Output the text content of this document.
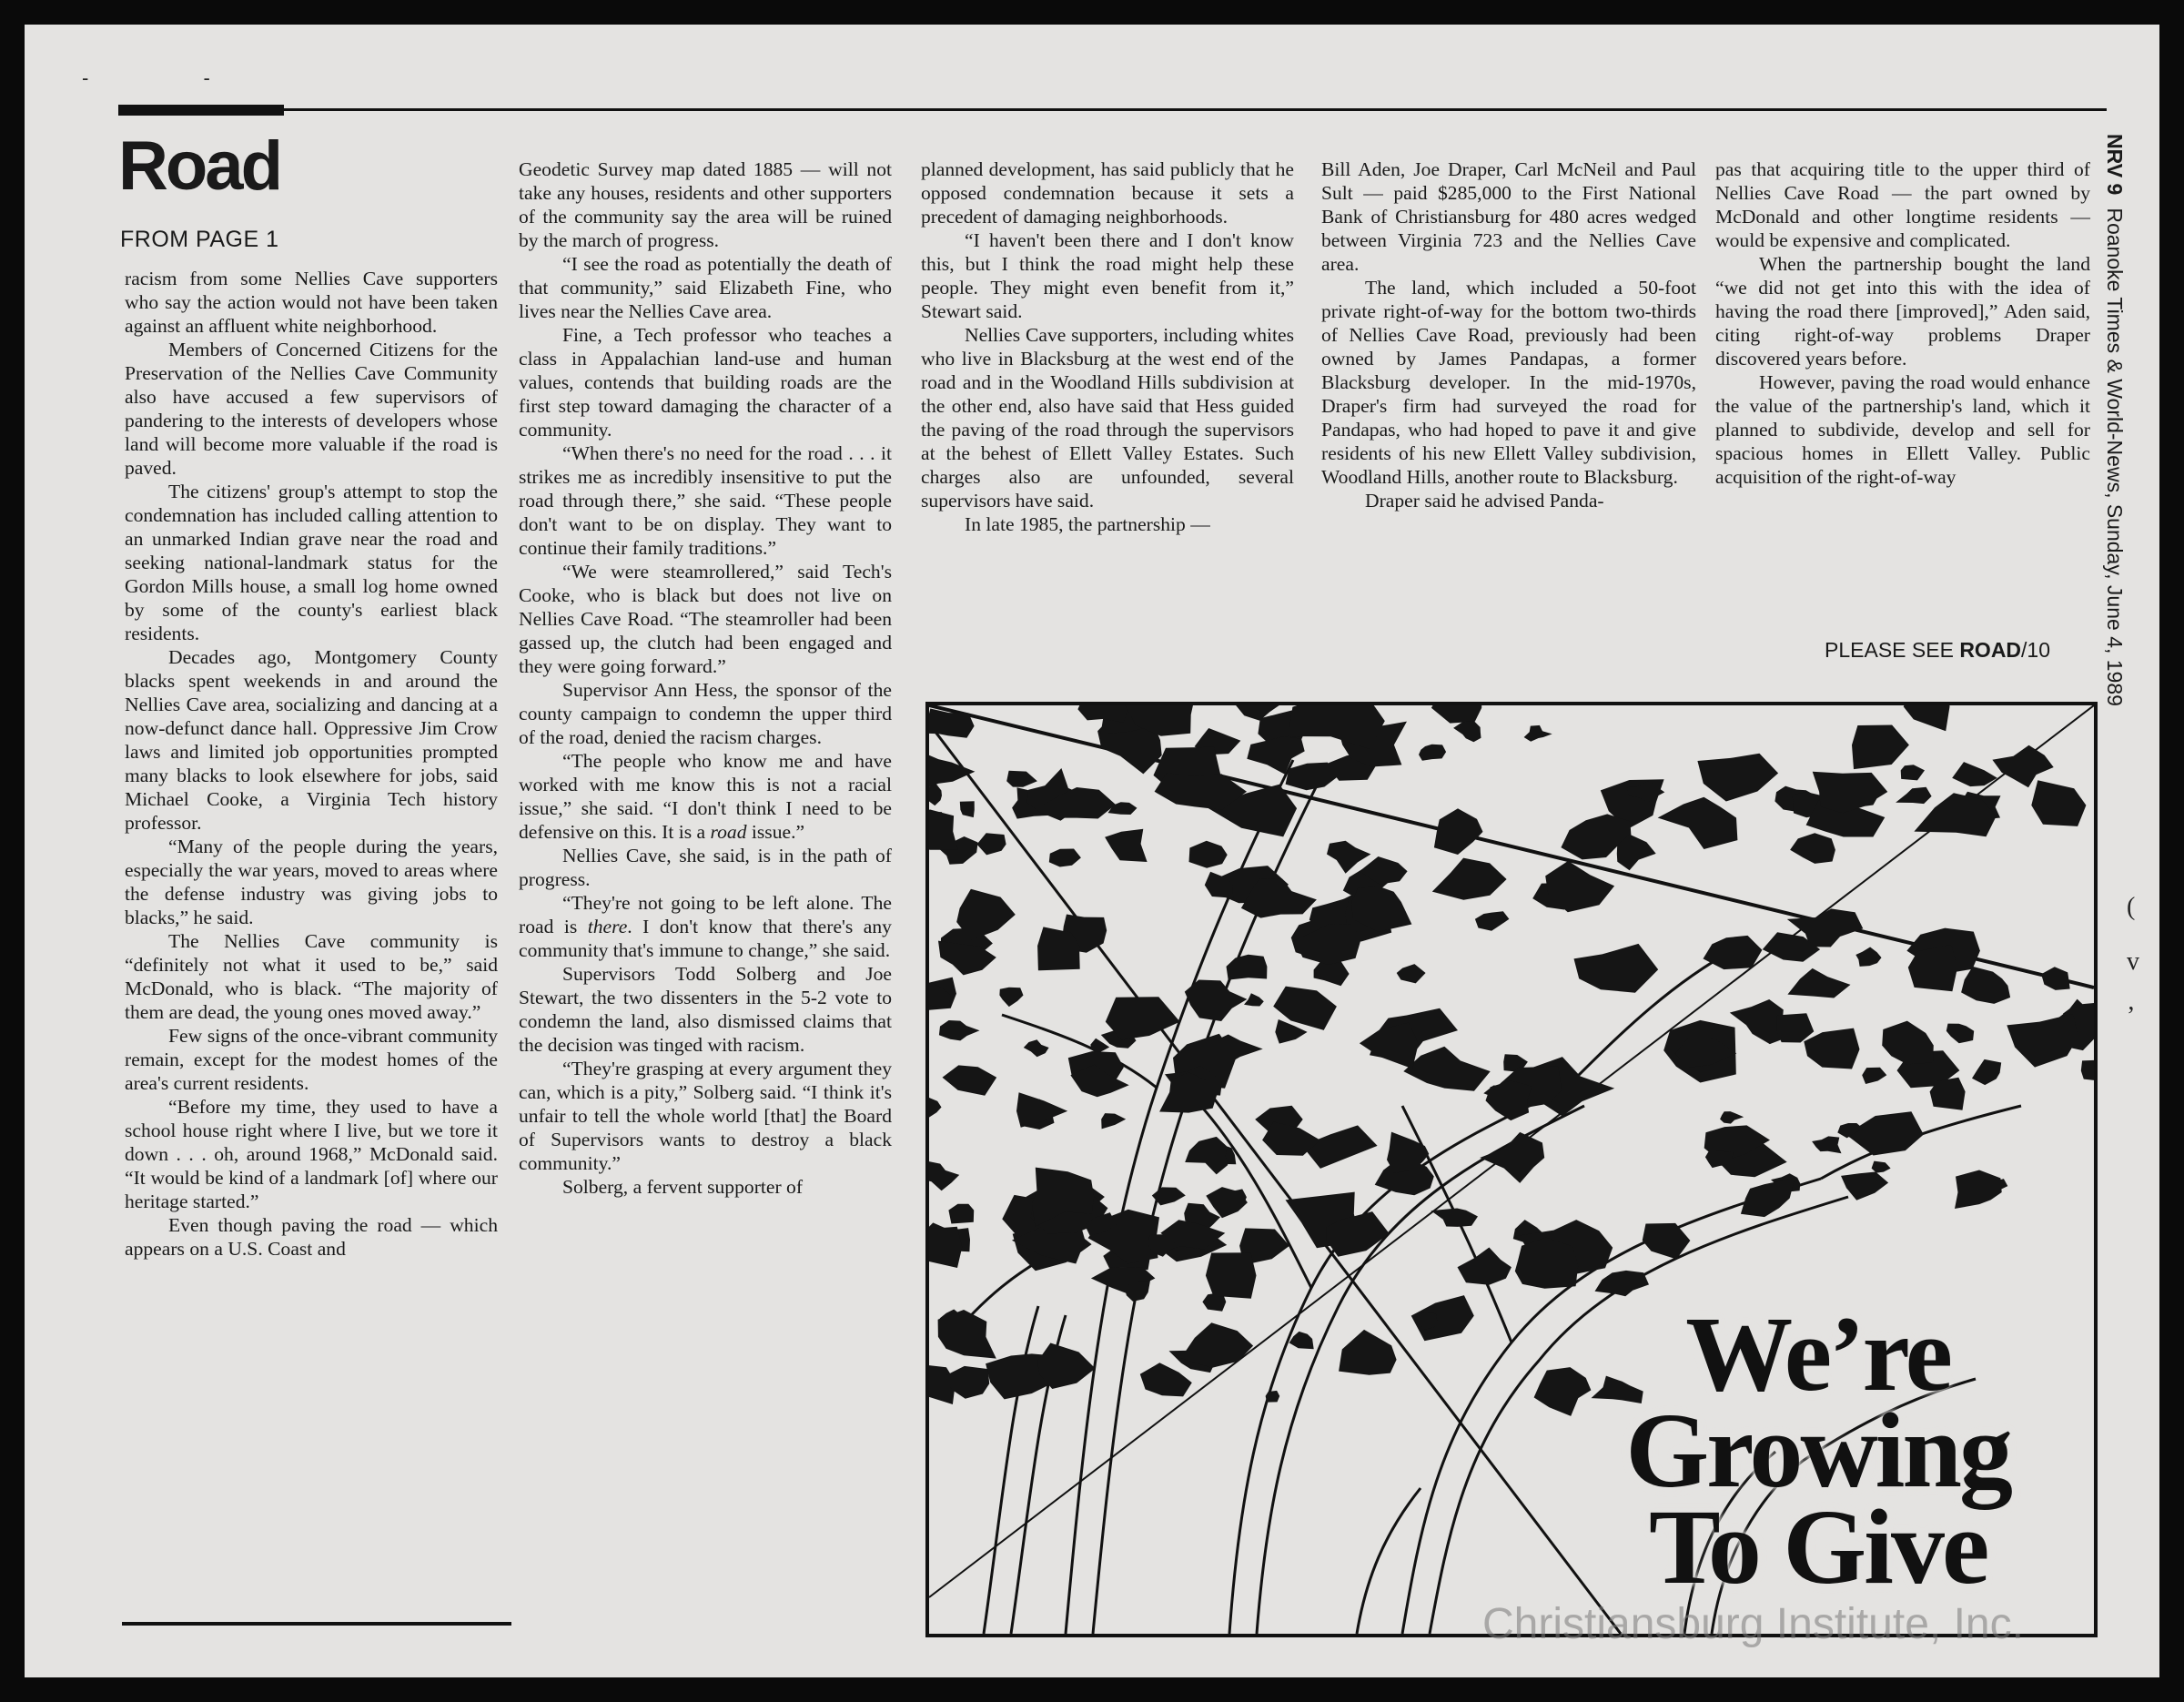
- -
Road
FROM PAGE 1

racism from some Nellies Cave supporters who say the action would not have been taken against an affluent white neighborhood.

Members of Concerned Citizens for the Preservation of the Nellies Cave Community also have accused a few supervisors of pandering to the interests of developers whose land will become more valuable if the road is paved.

The citizens' group's attempt to stop the condemnation has included calling attention to an unmarked Indian grave near the road and seeking national-landmark status for the Gordon Mills house, a small log home owned by some of the county's earliest black residents.

Decades ago, Montgomery County blacks spent weekends in and around the Nellies Cave area, socializing and dancing at a now-defunct dance hall. Oppressive Jim Crow laws and limited job opportunities prompted many blacks to look elsewhere for jobs, said Michael Cooke, a Virginia Tech history professor.

“Many of the people during the years, especially the war years, moved to areas where the defense industry was giving jobs to blacks,” he said.

The Nellies Cave community is “definitely not what it used to be,” said McDonald, who is black. “The majority of them are dead, the young ones moved away.”

Few signs of the once-vibrant community remain, except for the modest homes of the area's current residents.

“Before my time, they used to have a school house right where I live, but we tore it down . . . oh, around 1968,” McDonald said. “It would be kind of a landmark [of] where our heritage started.”

Even though paving the road — which appears on a U.S. Coast and

Geodetic Survey map dated 1885 — will not take any houses, residents and other supporters of the community say the area will be ruined by the march of progress.

“I see the road as potentially the death of that community,” said Elizabeth Fine, who lives near the Nellies Cave area.

Fine, a Tech professor who teaches a class in Appalachian land-use and human values, contends that building roads are the first step toward damaging the character of a community.

“When there's no need for the road . . . it strikes me as incredibly insensitive to put the road through there,” she said. “These people don't want to be on display. They want to continue their family traditions.”

“We were steamrollered,” said Tech's Cooke, who is black but does not live on Nellies Cave Road. “The steamroller had been gassed up, the clutch had been engaged and they were going forward.”

Supervisor Ann Hess, the sponsor of the county campaign to condemn the upper third of the road, denied the racism charges.

“The people who know me and have worked with me know this is not a racial issue,” she said. “I don't think I need to be defensive on this. It is a road issue.”

Nellies Cave, she said, is in the path of progress.

“They're not going to be left alone. The road is there. I don't know that there's any community that's immune to change,” she said.

Supervisors Todd Solberg and Joe Stewart, the two dissenters in the 5-2 vote to condemn the land, also dismissed claims that the decision was tinged with racism.

“They're grasping at every argument they can, which is a pity,” Solberg said. “I think it's unfair to tell the whole world [that] the Board of Supervisors wants to destroy a black community.”

Solberg, a fervent supporter of

planned development, has said publicly that he opposed condemnation because it sets a precedent of damaging neighborhoods.

“I haven't been there and I don't know this, but I think the road might help these people. They might even benefit from it,” Stewart said.

Nellies Cave supporters, including whites who live in Blacksburg at the west end of the road and in the Woodland Hills subdivision at the other end, also have said that Hess guided the paving of the road through the supervisors at the behest of Ellett Valley Estates. Such charges also are unfounded, several supervisors have said.

In late 1985, the partnership —

Bill Aden, Joe Draper, Carl McNeil and Paul Sult — paid $285,000 to the First National Bank of Christiansburg for 480 acres wedged between Virginia 723 and the Nellies Cave area.

The land, which included a 50-foot private right-of-way for the bottom two-thirds of Nellies Cave Road, previously had been owned by James Pandapas, a former Blacksburg developer. In the mid-1970s, Draper's firm had surveyed the road for Pandapas, who had hoped to pave it and give residents of his new Ellett Valley subdivision, Woodland Hills, another route to Blacksburg.

Draper said he advised Panda-

pas that acquiring title to the upper third of Nellies Cave Road — the part owned by McDonald and other longtime residents — would be expensive and complicated.

When the partnership bought the land “we did not get into this with the idea of having the road there [improved],” Aden said, citing right-of-way problems Draper discovered years before.

However, paving the road would enhance the value of the partnership's land, which it planned to subdivide, develop and sell for spacious homes in Ellett Valley. Public acquisition of the right-of-way

PLEASE SEE ROAD/10
NRV 9Roanoke Times & World-News, Sunday, June 4, 1989
(
v
’
We’re
Growing
To Give
Christiansburg Institute, Inc.
